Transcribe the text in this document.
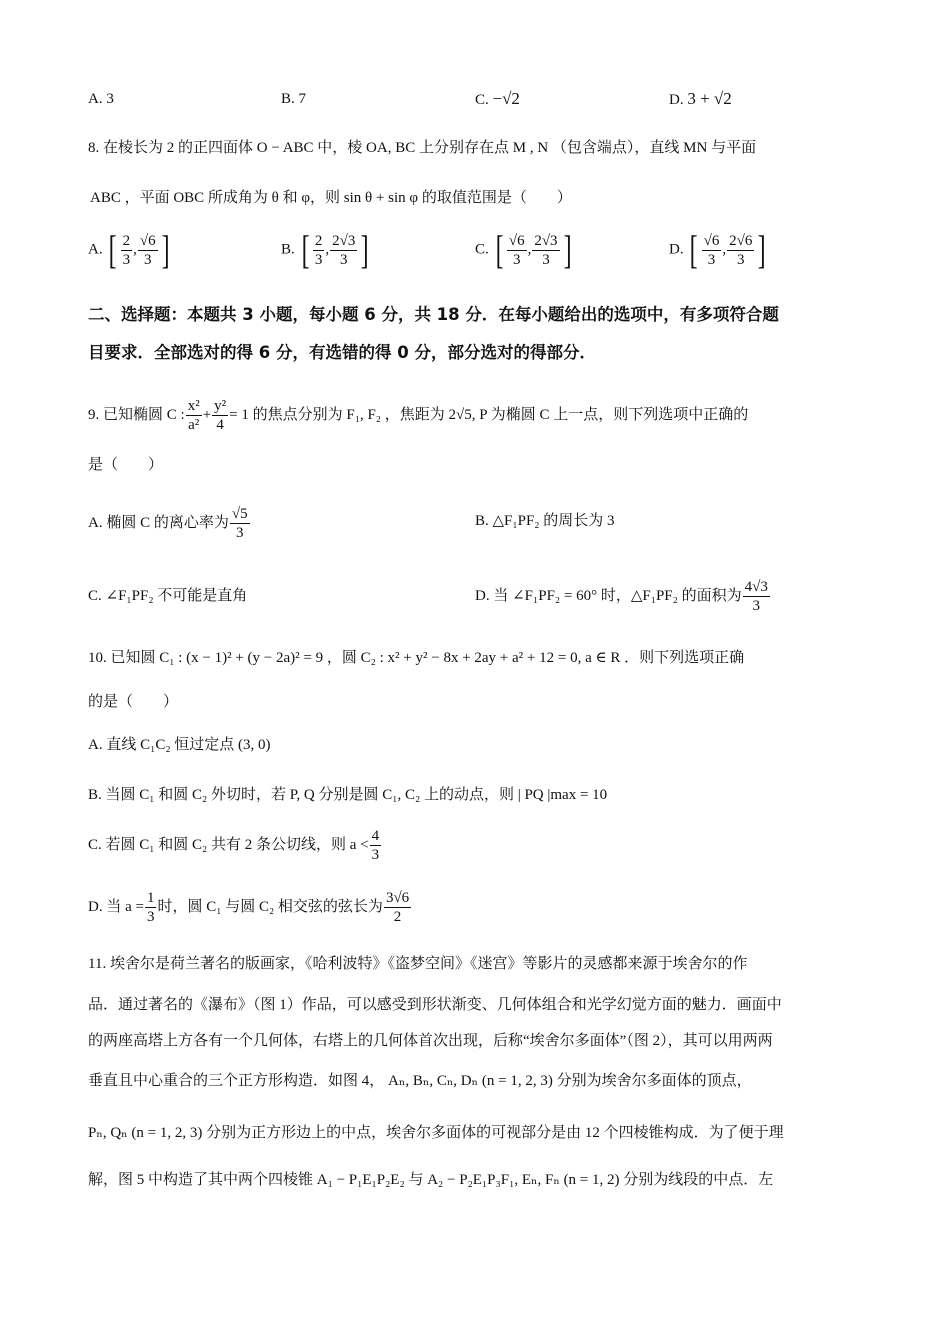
A. 3	B. 7	C. −√2	D. 3 + √2
8. 在棱长为 2 的正四面体 O − ABC 中，棱 OA, BC 上分别存在点 M , N （包含端点），直线 MN 与平面
ABC ，平面 OBC 所成角为 θ 和 φ，则 sin θ + sin φ 的取值范围是（　　）
A. [ $\frac{2}{3}$ , $\frac{√6}{3}$ ]	B. [ $\frac{2}{3}$ , $\frac{2√3}{3}$ ]	C. [ $\frac{√6}{3}$ , $\frac{2√3}{3}$ ]	D. [ $\frac{√6}{3}$ , $\frac{2√6}{3}$ ]
二、选择题：本题共 3 小题，每小题 6 分，共 18 分．在每小题给出的选项中，有多项符合题
目要求．全部选对的得 6 分，有选错的得 0 分，部分选对的得部分．
9. 已知椭圆 C : $\frac{\text{x²}}{\text{a²}} + \frac{\text{y²}}{4} = 1$ 的焦点分别为 F₁, F₂ ，焦距为 2√5, P 为椭圆 C 上一点，则下列选项中正确的
是（　　）
A. 椭圆 C 的离心率为 $\frac{√5}{3}$	B. △F₁PF₂ 的周长为 3
C. ∠F₁PF₂ 不可能是直角	D. 当 ∠F₁PF₂ = 60° 时，△F₁PF₂ 的面积为 $\frac{4√3}{3}$
10. 已知圆 C₁ : (x − 1)² + (y − 2a)² = 9 ，圆 C₂ : x² + y² − 8x + 2ay + a² + 12 = 0, a ∈ R ．则下列选项正确
的是（　　）
A. 直线 C₁C₂ 恒过定点 (3, 0)
B. 当圆 C₁ 和圆 C₂ 外切时，若 P, Q 分别是圆 C₁, C₂ 上的动点，则 | PQ |max = 10
C. 若圆 C₁ 和圆 C₂ 共有 2 条公切线，则 $a < \frac{4}{3}$
D. 当 $a = \frac{1}{3}$ 时，圆 C₁ 与圆 C₂ 相交弦的弦长为 $\frac{3√6}{2}$
11. 埃舍尔是荷兰著名的版画家，《哈利波特》《盗梦空间》《迷宫》等影片的灵感都来源于埃舍尔的作
品．通过著名的《瀑布》（图 1）作品，可以感受到形状渐变、几何体组合和光学幻觉方面的魅力．画面中
的两座高塔上方各有一个几何体，右塔上的几何体首次出现，后称“埃舍尔多面体”（图 2），其可以用两两
垂直且中心重合的三个正方形构造．如图 4， Aₙ, Bₙ, Cₙ, Dₙ (n = 1, 2, 3) 分别为埃舍尔多面体的顶点，
Pₙ, Qₙ (n = 1, 2, 3) 分别为正方形边上的中点，埃舍尔多面体的可视部分是由 12 个四棱锥构成．为了便于理
解，图 5 中构造了其中两个四棱锥 A₁ − P₁E₁P₂E₂ 与 A₂ − P₂E₁P₃F₁, Eₙ, Fₙ (n = 1, 2) 分别为线段的中点．左
